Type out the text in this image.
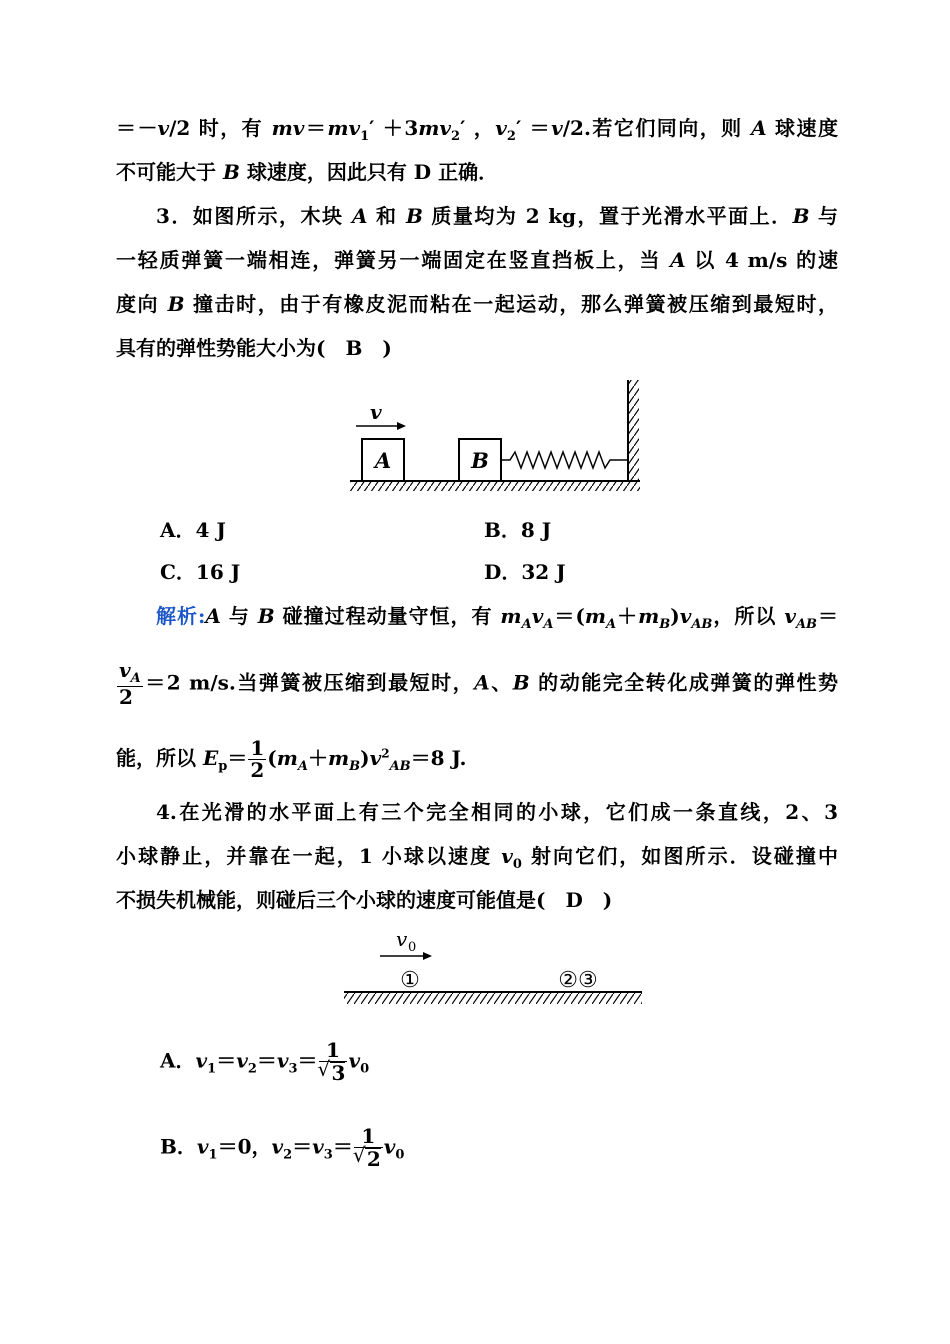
＝－v/2 时，有 $mv=mv_1' +3mv_2'$ ，$v_2' =v/2$.若它们同向，则 A 球速度
不可能大于 B 球速度，因此只有 D 正确．
3．如图所示，木块 A 和 B 质量均为 2 kg，置于光滑水平面上．B 与
一轻质弹簧一端相连，弹簧另一端固定在竖直挡板上，当 A 以 4 m/s 的速
度向 B 撞击时，由于有橡皮泥而粘在一起运动，那么弹簧被压缩到最短时，
具有的弹性势能大小为(　B　)
v
A	B
A．4 J	B．8 J
C．16 J	D．32 J
解析:A 与 B 碰撞过程动量守恒，有 $m_Av_A=(m_A+m_B)v_{AB}$，所以 $v_{AB}=$
$\frac{v_A}{2} =2$ m/s.当弹簧被压缩到最短时，A、B 的动能完全转化成弹簧的弹性势
能，所以 $E_p= \frac{1}{2} (m_A+m_B)v^2_{AB}=8$ J.
4.在光滑的水平面上有三个完全相同的小球，它们成一条直线，2、3
小球静止，并靠在一起，1 小球以速度 $v_0$ 射向它们，如图所示．设碰撞中
不损失机械能，则碰后三个小球的速度可能值是(　D　)
v 0
①	②③
A．$v_1=v_2=v_3= 1$
√ 3 $v_0$
B．$v_1=0$，$v_2=v_3= 1$
√ 2 $v_0$
